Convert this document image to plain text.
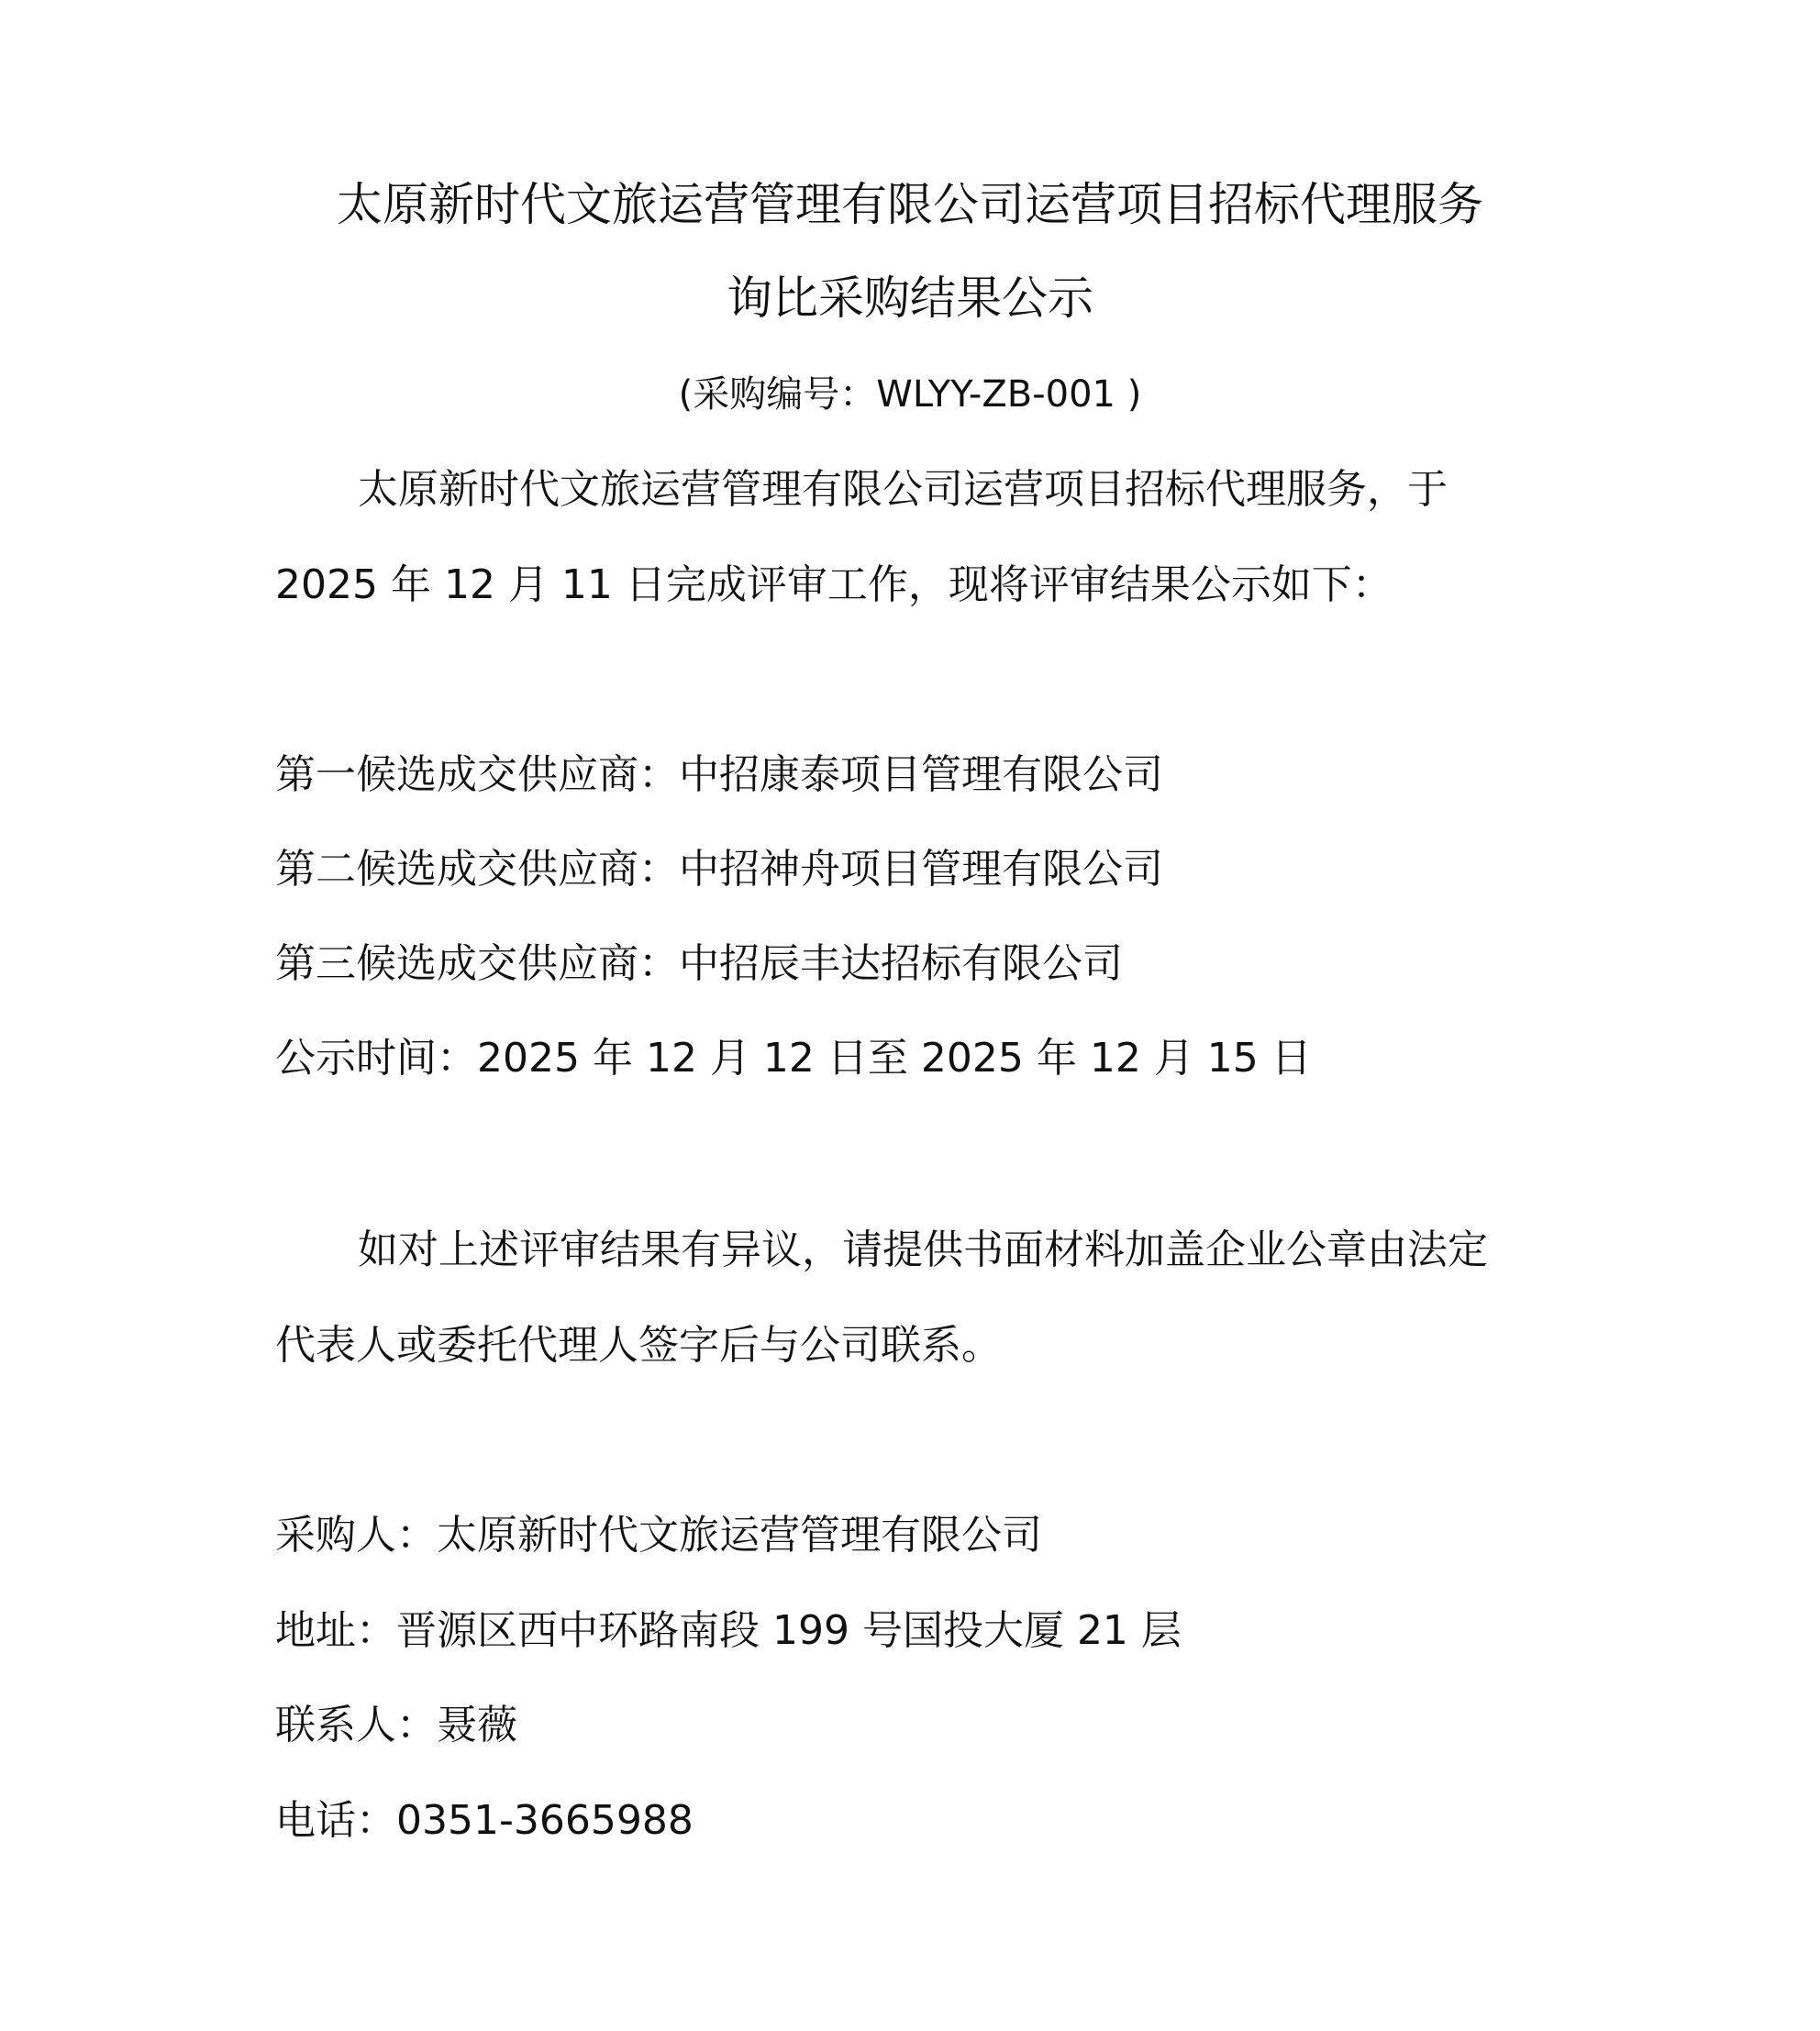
太原新时代文旅运营管理有限公司运营项目招标代理服务
询比采购结果公示
(采购编号：WLYY-ZB-001 )
太原新时代文旅运营管理有限公司运营项目招标代理服务，于
2025 年 12 月 11 日完成评审工作，现将评审结果公示如下：
第一候选成交供应商：中招康泰项目管理有限公司
第二候选成交供应商：中招神舟项目管理有限公司
第三候选成交供应商：中招辰丰达招标有限公司
公示时间：2025 年 12 月 12 日至 2025 年 12 月 15 日
如对上述评审结果有异议，请提供书面材料加盖企业公章由法定
代表人或委托代理人签字后与公司联系。
采购人：太原新时代文旅运营管理有限公司
地址：晋源区西中环路南段 199 号国投大厦 21 层
联系人：聂薇
电话：0351-3665988
